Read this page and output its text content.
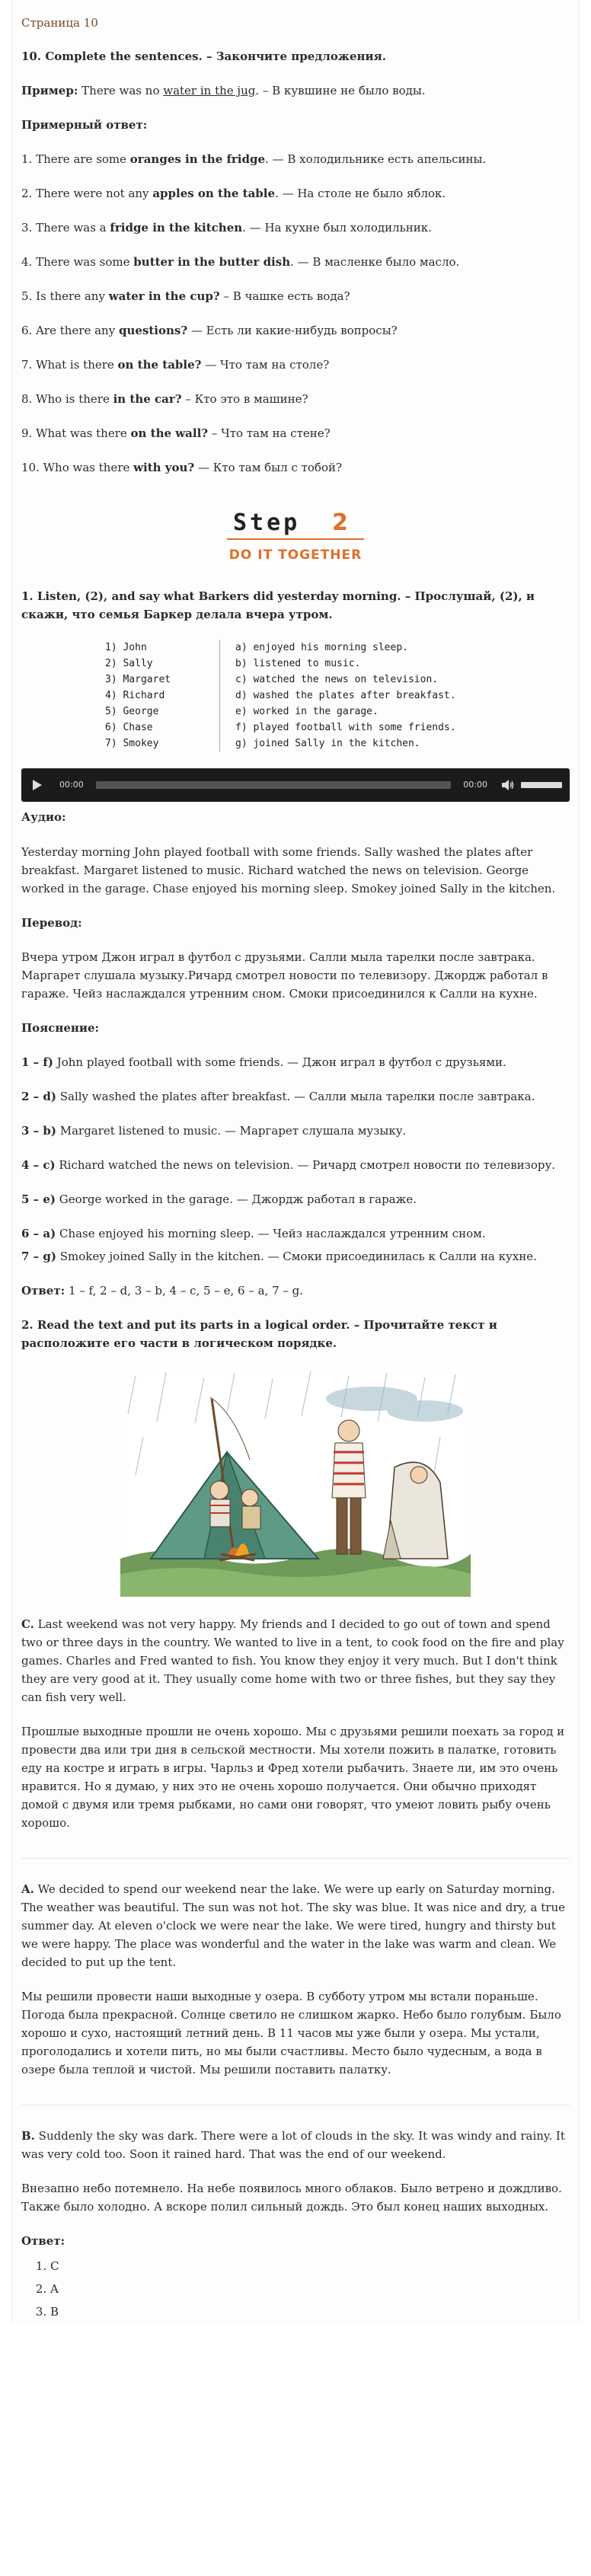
Страница 10

10. Complete the sentences. – Закончите предложения.

Пример: There was no water in the jug. – В кувшине не было воды.

Примерный ответ:

1. There are some oranges in the fridge. — В холодильнике есть апельсины.

2. There were not any apples on the table. — На столе не было яблок.

3. There was a fridge in the kitchen. — На кухне был холодильник.

4. There was some butter in the butter dish. — В масленке было масло.

5. Is there any water in the cup? – В чашке есть вода?

6. Are there any questions? — Есть ли какие-нибудь вопросы?

7. What is there on the table? — Что там на столе?

8. Who is there in the car? – Кто это в машине?

9. What was there on the wall? – Что там на стене?

10. Who was there with you? — Кто там был с тобой?

Step 2
DO IT TOGETHER

1. Listen, (2), and say what Barkers did yesterday morning. – Прослушай, (2), и скажи, что семья Баркер делала вчера утром.

1) John
2) Sally
3) Margaret
4) Richard
5) George
6) Chase
7) Smokey
a) enjoyed his morning sleep.
b) listened to music.
c) watched the news on television.
d) washed the plates after breakfast.
e) worked in the garage.
f) played football with some friends.
g) joined Sally in the kitchen.
00:00	00:00

Аудио:

Yesterday morning John played football with some friends. Sally washed the plates after breakfast. Margaret listened to music. Richard watched the news on television. George worked in the garage. Chase enjoyed his morning sleep. Smokey joined Sally in the kitchen.

Перевод:

Вчера утром Джон играл в футбол с друзьями. Салли мыла тарелки после завтрака. Маргарет слушала музыку.Ричард смотрел новости по телевизору. Джордж работал в гараже. Чейз наслаждался утренним сном. Смоки присоединился к Салли на кухне.

Пояснение:

1 – f) John played football with some friends. — Джон играл в футбол с друзьями.

2 – d) Sally washed the plates after breakfast. — Салли мыла тарелки после завтрака.

3 – b) Margaret listened to music. — Маргарет слушала музыку.

4 – c) Richard watched the news on television. — Ричард смотрел новости по телевизору.

5 – e) George worked in the garage. — Джордж работал в гараже.

6 – a) Chase enjoyed his morning sleep. — Чейз наслаждался утренним сном.

7 – g) Smokey joined Sally in the kitchen. — Смоки присоединилась к Салли на кухне.

Ответ: 1 – f, 2 – d, 3 – b, 4 – c, 5 – e, 6 – a, 7 – g.

2. Read the text and put its parts in a logical order. – Прочитайте текст и расположите его части в логическом порядке.

C. Last weekend was not very happy. My friends and I decided to go out of town and spend two or three days in the country. We wanted to live in a tent, to cook food on the fire and play games. Charles and Fred wanted to fish. You know they enjoy it very much. But I don't think they are very good at it. They usually come home with two or three fishes, but they say they can fish very well.

Прошлые выходные прошли не очень хорошо. Мы с друзьями решили поехать за город и провести два или три дня в сельской местности. Мы хотели пожить в палатке, готовить еду на костре и играть в игры. Чарльз и Фред хотели рыбачить. Знаете ли, им это очень нравится. Но я думаю, у них это не очень хорошо получается. Они обычно приходят домой с двумя или тремя рыбками, но сами они говорят, что умеют ловить рыбу очень хорошо.

A. We decided to spend our weekend near the lake. We were up early on Saturday morning. The weather was beautiful. The sun was not hot. The sky was blue. It was nice and dry, a true summer day. At eleven o'clock we were near the lake. We were tired, hungry and thirsty but we were happy. The place was wonderful and the water in the lake was warm and clean. We decided to put up the tent.

Мы решили провести наши выходные у озера. В субботу утром мы встали пораньше. Погода была прекрасной. Солнце светило не слишком жарко. Небо было голубым. Было хорошо и сухо, настоящий летний день. В 11 часов мы уже были у озера. Мы устали, проголодались и хотели пить, но мы были счастливы. Место было чудесным, а вода в озере была теплой и чистой. Мы решили поставить палатку.

B. Suddenly the sky was dark. There were a lot of clouds in the sky. It was windy and rainy. It was very cold too. Soon it rained hard. That was the end of our weekend.

Внезапно небо потемнело. На небе появилось много облаков. Было ветрено и дождливо. Также было холодно. А вскоре полил сильный дождь. Это был конец наших выходных.

Ответ:

1. C
2. A
3. B
